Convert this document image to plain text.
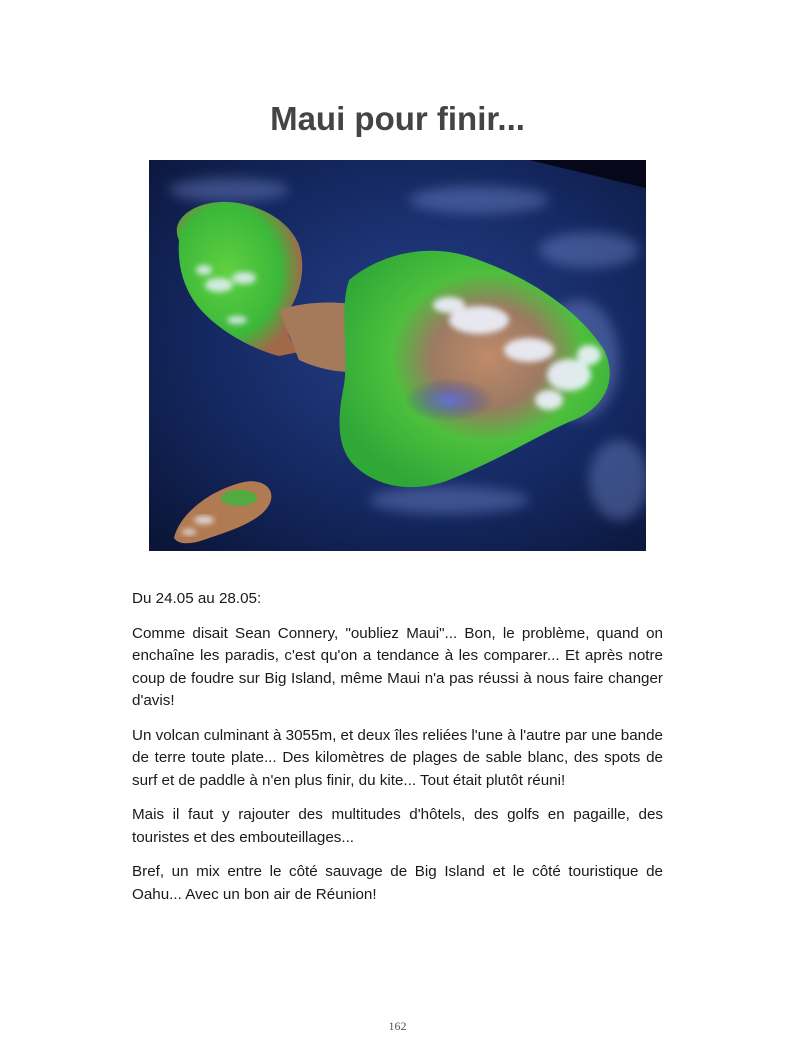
Maui pour finir...

Du 24.05 au 28.05:

Comme disait Sean Connery, "oubliez Maui"... Bon, le problème, quand on enchaîne les paradis, c'est qu'on a tendance à les comparer... Et après notre coup de foudre sur Big Island, même Maui n'a pas réussi à nous faire changer d'avis!

Un volcan culminant à 3055m, et deux îles reliées l'une à l'autre par une bande de terre toute plate... Des kilomètres de plages de sable blanc, des spots de surf et de paddle à n'en plus finir, du kite... Tout était plutôt réuni!

Mais il faut y rajouter des multitudes d'hôtels, des golfs en pagaille, des touristes et des embouteillages...

Bref, un mix entre le côté sauvage de Big Island et le côté touristique de Oahu... Avec un bon air de Réunion!

162
